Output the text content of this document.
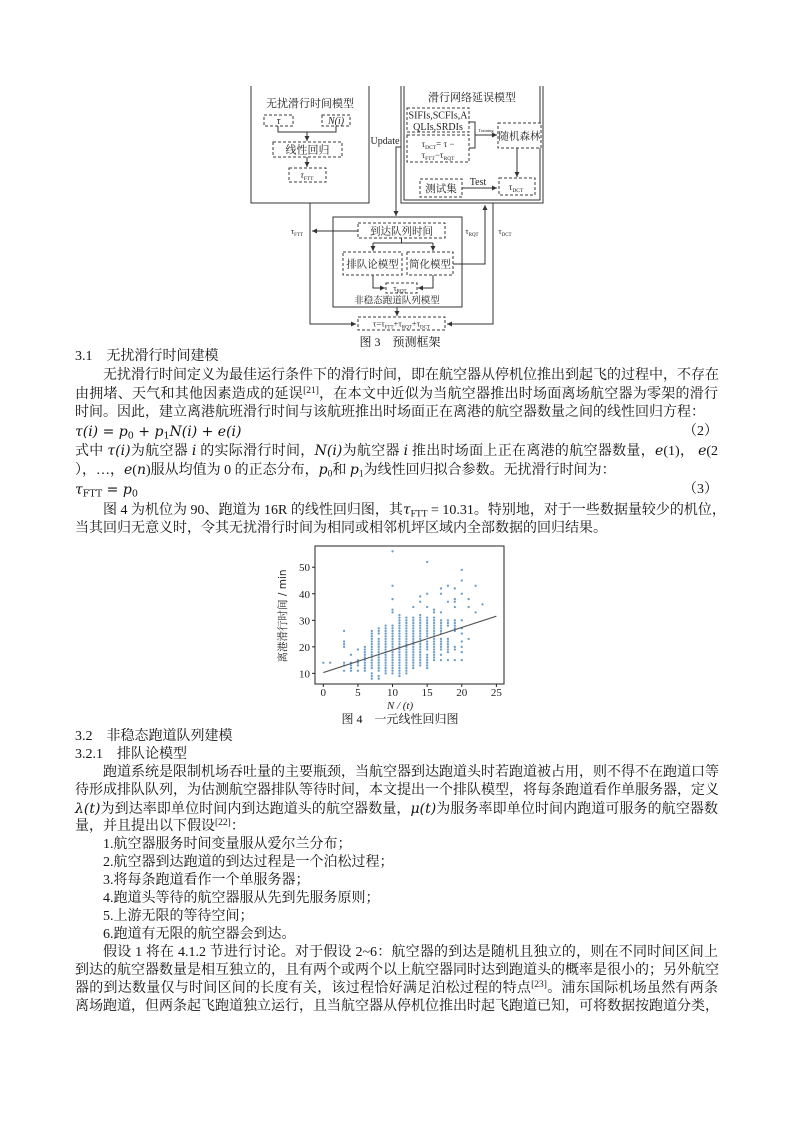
无扰滑行时间模型
τ	N(i)
线性回归
$\tau_{FTT}$
Update
滑行网络延误模型
SIFIs,SCFIs,A
QLIs,SRDIs
$\tau_{DCT}= \tau$ −
$\tau_{FTT}-\tau_{RQT}$
Training 随机森林
$\tau_{DCT}$
测试集
Test
到达队列时间
$\tau_{FTT}$
排队论模型 简化模型
τRQT
非稳态跑道队列模型
$\tau_{RQT}$ $\tau_{DCT}$
$\tau=\tau_{FTT}+\tau_{RQT}+\tau_{DCT}$
图 3　预测框架
3.1 无扰滑行时间建模
无扰滑行时间定义为最佳运行条件下的滑行时间，即在航空器从停机位推出到起飞的过程中，不存在
由拥堵、天气和其他因素造成的延误[21]，在本文中近似为当航空器推出时场面离场航空器为零架的滑行
时间。因此，建立离港航班滑行时间与该航班推出时场面正在离港的航空器数量之间的线性回归方程：
$\tau(i) = p_0 + p_1N(i) + e(i)$	（2）
式中 τ(i)为航空器 i 的实际滑行时间，N(i)为航空器 i 推出时场面上正在离港的航空器数量，e(1)， e(2
），…，e(n)服从均值为 0 的正态分布，$p_0$和 $p_1$为线性回归拟合参数。无扰滑行时间为：
$\tau_{FTT} = p_0$	（3）
图 4 为机位为 90、跑道为 16R 的线性回归图，其$\tau_{FTT} = 10.31$。特别地，对于一些数据量较少的机位，
当其回归无意义时，令其无扰滑行时间为相同或相邻机坪区域内全部数据的回归结果。
0	5 10 15 20 25
10
20
30
40
50
N / (t)
离港滑行时间 / min
图 4　一元线性回归图
3.2 非稳态跑道队列建模
3.2.1 排队论模型
跑道系统是限制机场吞吐量的主要瓶颈，当航空器到达跑道头时若跑道被占用，则不得不在跑道口等
待形成排队队列，为估测航空器排队等待时间，本文提出一个排队模型，将每条跑道看作单服务器，定义
λ(t)为到达率即单位时间内到达跑道头的航空器数量，μ(t)为服务率即单位时间内跑道可服务的航空器数
量，并且提出以下假设[22]：
1.航空器服务时间变量服从爱尔兰分布；
2.航空器到达跑道的到达过程是一个泊松过程；
3.将每条跑道看作一个单服务器；
4.跑道头等待的航空器服从先到先服务原则；
5.上游无限的等待空间；
6.跑道有无限的航空器会到达。
假设 1 将在 4.1.2 节进行讨论。对于假设 2~6：航空器的到达是随机且独立的，则在不同时间区间上
到达的航空器数量是相互独立的，且有两个或两个以上航空器同时达到跑道头的概率是很小的；另外航空
器的到达数量仅与时间区间的长度有关，该过程恰好满足泊松过程的特点[23]。浦东国际机场虽然有两条
离场跑道，但两条起飞跑道独立运行，且当航空器从停机位推出时起飞跑道已知，可将数据按跑道分类，
